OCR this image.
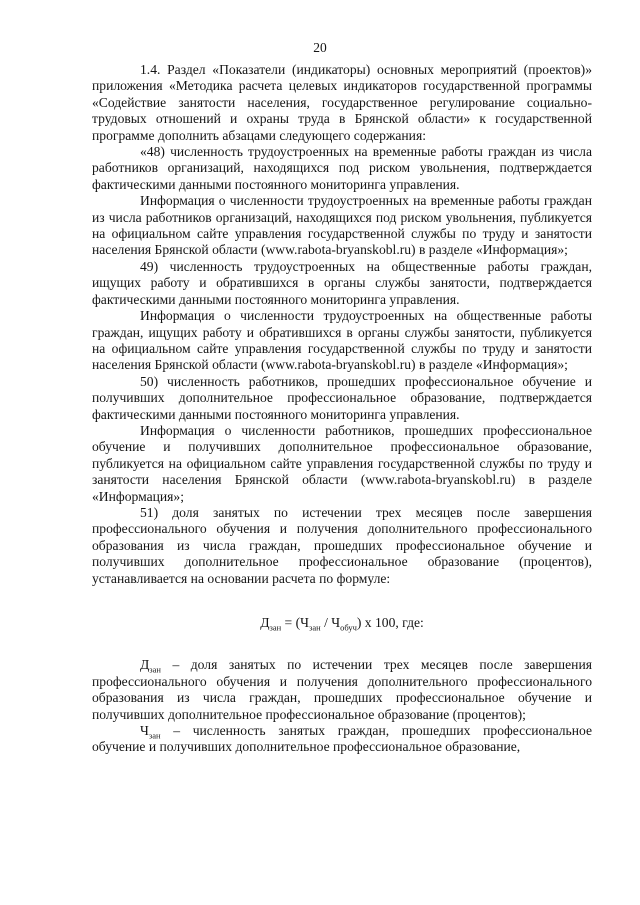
20

1.4. Раздел «Показатели (индикаторы) основных мероприятий (проектов)» приложения «Методика расчета целевых индикаторов государственной программы «Содействие занятости населения, государственное регулирование социально-трудовых отношений и охраны труда в Брянской области» к государственной программе дополнить абзацами следующего содержания:

«48) численность трудоустроенных на временные работы граждан из числа работников организаций, находящихся под риском увольнения, подтверждается фактическими данными постоянного мониторинга управления.

Информация о численности трудоустроенных на временные работы граждан из числа работников организаций, находящихся под риском увольнения, публикуется на официальном сайте управления государственной службы по труду и занятости населения Брянской области (www.rabota-bryanskobl.ru) в разделе «Информация»;

49) численность трудоустроенных на общественные работы граждан, ищущих работу и обратившихся в органы службы занятости, подтверждается фактическими данными постоянного мониторинга управления.

Информация о численности трудоустроенных на общественные работы граждан, ищущих работу и обратившихся в органы службы занятости, публикуется на официальном сайте управления государственной службы по труду и занятости населения Брянской области (www.rabota-bryanskobl.ru) в разделе «Информация»;

50) численность работников, прошедших профессиональное обучение и получивших дополнительное профессиональное образование, подтверждается фактическими данными постоянного мониторинга управления.

Информация о численности работников, прошедших профессиональное обучение и получивших дополнительное профессиональное образование, публикуется на официальном сайте управления государственной службы по труду и занятости населения Брянской области (www.rabota-bryanskobl.ru) в разделе «Информация»;

51) доля занятых по истечении трех месяцев после завершения профессионального обучения и получения дополнительного профессионального образования из числа граждан, прошедших профессиональное обучение и получивших дополнительное профессиональное образование (процентов), устанавливается на основании расчета по формуле:

$Д_{зан} = (Ч_{зан} / Ч_{обуч})$ х 100, где:

$Д_{зан}$ – доля занятых по истечении трех месяцев после завершения профессионального обучения и получения дополнительного профессионального образования из числа граждан, прошедших профессиональное обучение и получивших дополнительное профессиональное образование (процентов);

$Ч_{зан}$ – численность занятых граждан, прошедших профессиональное обучение и получивших дополнительное профессиональное образование,
